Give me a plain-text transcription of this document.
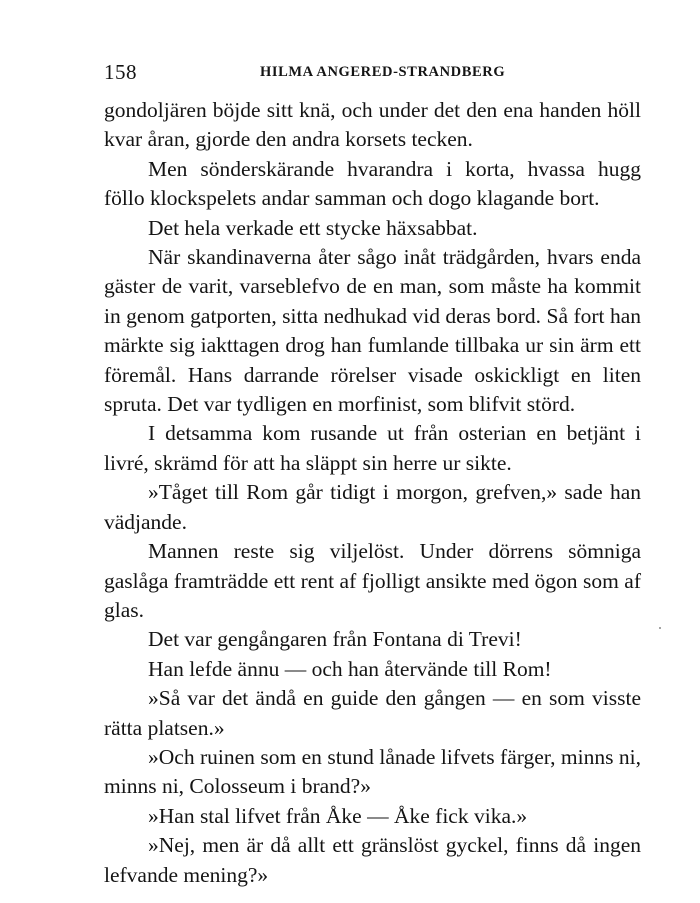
158	HILMA ANGERED-STRANDBERG

gondoljären böjde sitt knä, och under det den ena handen höll kvar åran, gjorde den andra korsets tecken.

Men sönderskärande hvarandra i korta, hvassa hugg föllo klockspelets andar samman och dogo klagande bort.

Det hela verkade ett stycke häxsabbat.

När skandinaverna åter sågo inåt trädgården, hvars enda gäster de varit, varseblefvo de en man, som måste ha kommit in genom gatporten, sitta nedhukad vid deras bord. Så fort han märkte sig iakttagen drog han fumlande tillbaka ur sin ärm ett föremål. Hans darrande rörelser visade oskickligt en liten spruta. Det var tydligen en morfinist, som blifvit störd.

I detsamma kom rusande ut från osterian en betjänt i livré, skrämd för att ha släppt sin herre ur sikte.

»Tåget till Rom går tidigt i morgon, grefven,» sade han vädjande.

Mannen reste sig viljelöst. Under dörrens sömniga gaslåga framträdde ett rent af fjolligt ansikte med ögon som af glas.

Det var gengångaren från Fontana di Trevi!

Han lefde ännu — och han återvände till Rom!

»Så var det ändå en guide den gången — en som visste rätta platsen.»

»Och ruinen som en stund lånade lifvets färger, minns ni, minns ni, Colosseum i brand?»

»Han stal lifvet från Åke — Åke fick vika.»

»Nej, men är då allt ett gränslöst gyckel, finns då ingen lefvande mening?»
